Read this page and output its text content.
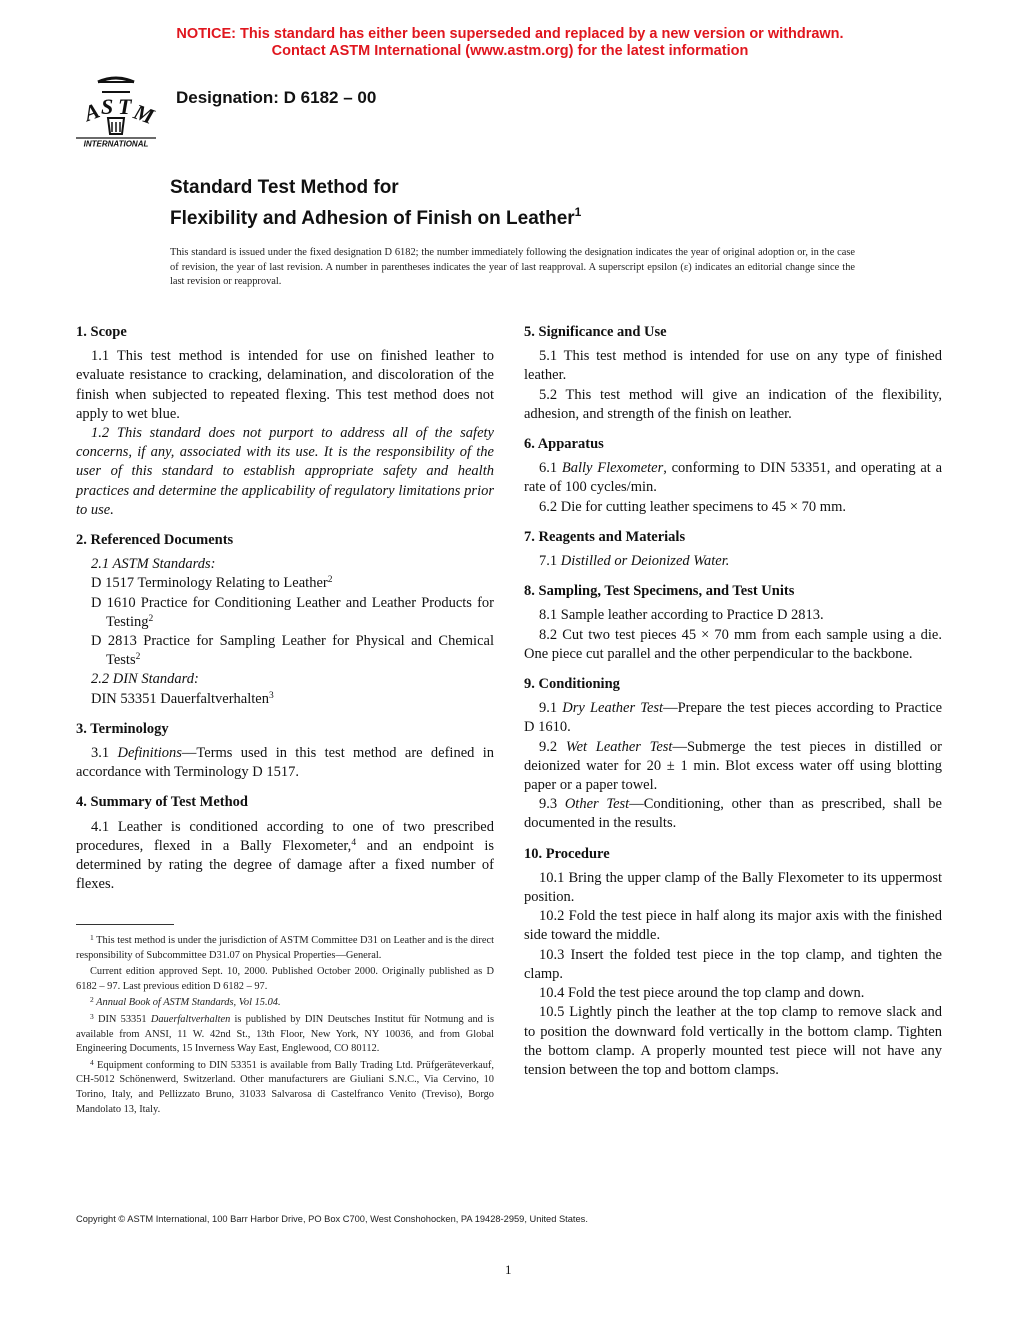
NOTICE: This standard has either been superseded and replaced by a new version or withdrawn.
Contact ASTM International (www.astm.org) for the latest information
A
S T M
INTERNATIONAL
Designation: D 6182 – 00
Standard Test Method for
Flexibility and Adhesion of Finish on Leather$^1$
This standard is issued under the fixed designation D 6182; the number immediately following the designation indicates the year of original adoption or, in the case of revision, the year of last revision. A number in parentheses indicates the year of last reapproval. A superscript epsilon (ε) indicates an editorial change since the last revision or reapproval.
1. Scope

1.1 This test method is intended for use on finished leather to evaluate resistance to cracking, delamination, and discoloration of the finish when subjected to repeated flexing. This test method does not apply to wet blue.

1.2 This standard does not purport to address all of the safety concerns, if any, associated with its use. It is the responsibility of the user of this standard to establish appropriate safety and health practices and determine the applicability of regulatory limitations prior to use.

2. Referenced Documents

2.1 ASTM Standards:

D 1517 Terminology Relating to Leather$^2$

D 1610 Practice for Conditioning Leather and Leather Products for Testing$^2$

D 2813 Practice for Sampling Leather for Physical and Chemical Tests$^2$

2.2 DIN Standard:

DIN 53351 Dauerfaltverhalten$^3$

3. Terminology

3.1 Definitions—Terms used in this test method are defined in accordance with Terminology D 1517.

4. Summary of Test Method

4.1 Leather is conditioned according to one of two prescribed procedures, flexed in a Bally Flexometer,$^4$ and an endpoint is determined by rating the degree of damage after a fixed number of flexes.

$^1$ This test method is under the jurisdiction of ASTM Committee D31 on Leather and is the direct responsibility of Subcommittee D31.07 on Physical Properties—General.

Current edition approved Sept. 10, 2000. Published October 2000. Originally published as D 6182 – 97. Last previous edition D 6182 – 97.

$^2$ Annual Book of ASTM Standards, Vol 15.04.

$^3$ DIN 53351 Dauerfaltverhalten is published by DIN Deutsches Institut für Notmung and is available from ANSI, 11 W. 42nd St., 13th Floor, New York, NY 10036, and from Global Engineering Documents, 15 Inverness Way East, Englewood, CO 80112.

$^4$ Equipment conforming to DIN 53351 is available from Bally Trading Ltd. Prüfgeräteverkauf, CH-5012 Schönenwerd, Switzerland. Other manufacturers are Giuliani S.N.C., Via Cervino, 10 Torino, Italy, and Pellizzato Bruno, 31033 Salvarosa di Castelfranco Venito (Treviso), Borgo Mandolato 13, Italy.

5. Significance and Use

5.1 This test method is intended for use on any type of finished leather.

5.2 This test method will give an indication of the flexibility, adhesion, and strength of the finish on leather.

6. Apparatus

6.1 Bally Flexometer, conforming to DIN 53351, and operating at a rate of 100 cycles/min.

6.2 Die for cutting leather specimens to 45 × 70 mm.

7. Reagents and Materials

7.1 Distilled or Deionized Water.

8. Sampling, Test Specimens, and Test Units

8.1 Sample leather according to Practice D 2813.

8.2 Cut two test pieces 45 × 70 mm from each sample using a die. One piece cut parallel and the other perpendicular to the backbone.

9. Conditioning

9.1 Dry Leather Test—Prepare the test pieces according to Practice D 1610.

9.2 Wet Leather Test—Submerge the test pieces in distilled or deionized water for 20 ± 1 min. Blot excess water off using blotting paper or a paper towel.

9.3 Other Test—Conditioning, other than as prescribed, shall be documented in the results.

10. Procedure

10.1 Bring the upper clamp of the Bally Flexometer to its uppermost position.

10.2 Fold the test piece in half along its major axis with the finished side toward the middle.

10.3 Insert the folded test piece in the top clamp, and tighten the clamp.

10.4 Fold the test piece around the top clamp and down.

10.5 Lightly pinch the leather at the top clamp to remove slack and to position the downward fold vertically in the bottom clamp. Tighten the bottom clamp. A properly mounted test piece will not have any tension between the top and bottom clamps.

Copyright © ASTM International, 100 Barr Harbor Drive, PO Box C700, West Conshohocken, PA 19428-2959, United States.
1
